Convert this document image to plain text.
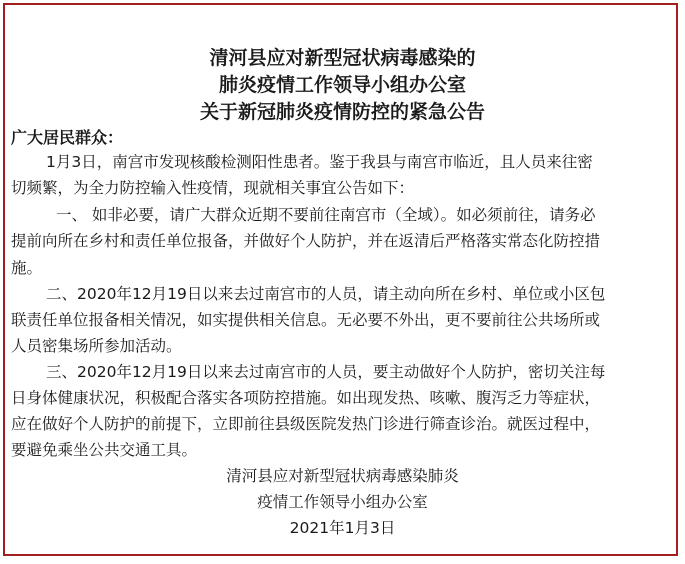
清河县应对新型冠状病毒感染的
肺炎疫情工作领导小组办公室
关于新冠肺炎疫情防控的紧急公告
广大居民群众：
1月3日，南宫市发现核酸检测阳性患者。鉴于我县与南宫市临近，且人员来往密
切频繁，为全力防控输入性疫情，现就相关事宜公告如下：
一、 如非必要，请广大群众近期不要前往南宫市（全域）。如必须前往，请务必
提前向所在乡村和责任单位报备，并做好个人防护，并在返清后严格落实常态化防控措
施。
二、2020年12月19日以来去过南宫市的人员，请主动向所在乡村、单位或小区包
联责任单位报备相关情况，如实提供相关信息。无必要不外出，更不要前往公共场所或
人员密集场所参加活动。
三、2020年12月19日以来去过南宫市的人员，要主动做好个人防护，密切关注每
日身体健康状况，积极配合落实各项防控措施。如出现发热、咳嗽、腹泻乏力等症状，
应在做好个人防护的前提下，立即前往县级医院发热门诊进行筛查诊治。就医过程中，
要避免乘坐公共交通工具。
清河县应对新型冠状病毒感染肺炎
疫情工作领导小组办公室
2021年1月3日
